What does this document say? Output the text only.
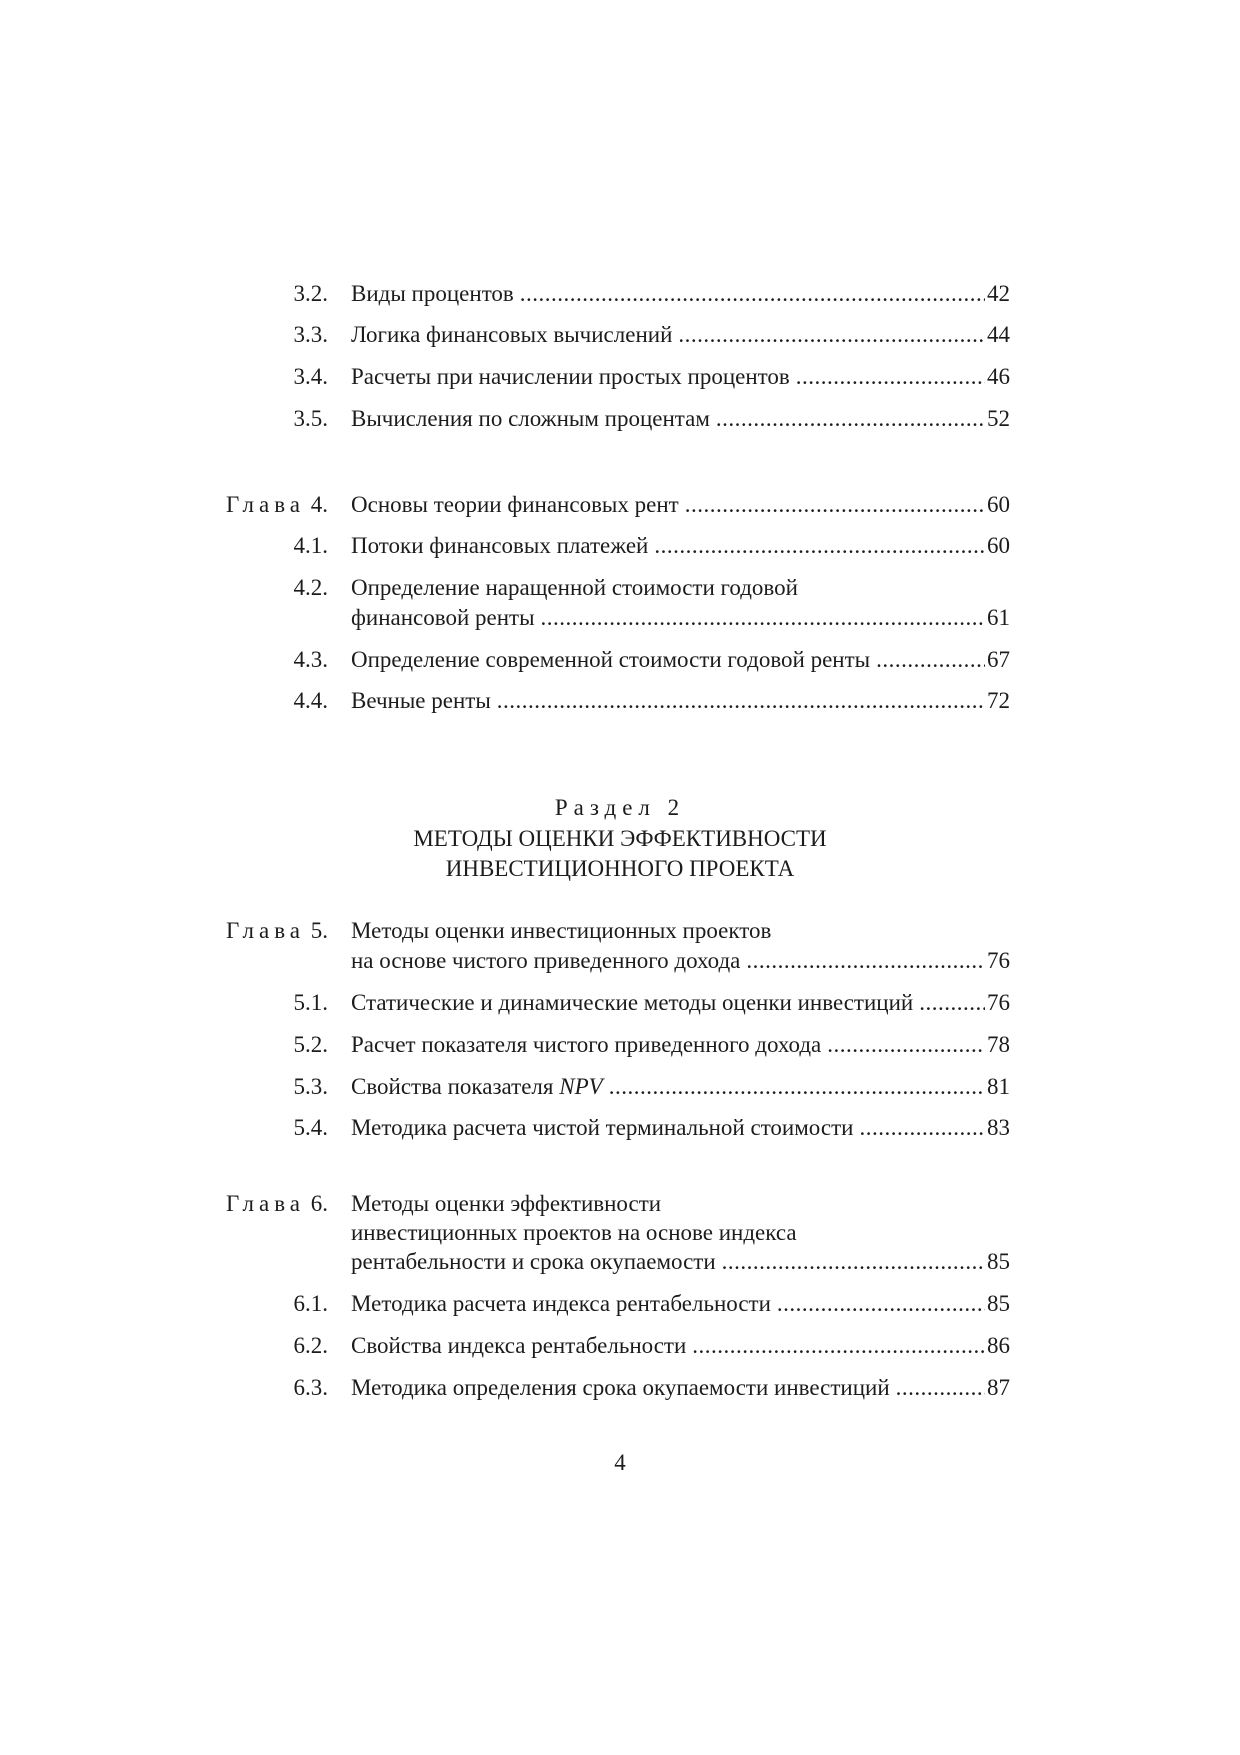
3.2. Виды процентов .....	42
3.3. Логика финансовых вычислений .....	44
3.4. Расчеты при начислении простых процентов .....	46
3.5. Вычисления по сложным процентам .....	52
Глава 4. Основы теории финансовых рент .....	60
4.1. Потоки финансовых платежей .....	60
4.2. Определение наращенной стоимости годовой
финансовой ренты .....	61
4.3. Определение современной стоимости годовой ренты .....	67
4.4. Вечные ренты .....	72
Раздел 2
МЕТОДЫ ОЦЕНКИ ЭФФЕКТИВНОСТИ
ИНВЕСТИЦИОННОГО ПРОЕКТА
Глава 5. Методы оценки инвестиционных проектов
на основе чистого приведенного дохода .....	76
5.1. Статические и динамические методы оценки инвестиций .....	76
5.2. Расчет показателя чистого приведенного дохода .....	78
5.3. Свойства показателя NPV .....	81
5.4. Методика расчета чистой терминальной стоимости .....	83
Глава 6. Методы оценки эффективности
инвестиционных проектов на основе индекса
рентабельности и срока окупаемости .....	85
6.1. Методика расчета индекса рентабельности .....	85
6.2. Свойства индекса рентабельности .....	86
6.3. Методика определения срока окупаемости инвестиций .....	87
4
